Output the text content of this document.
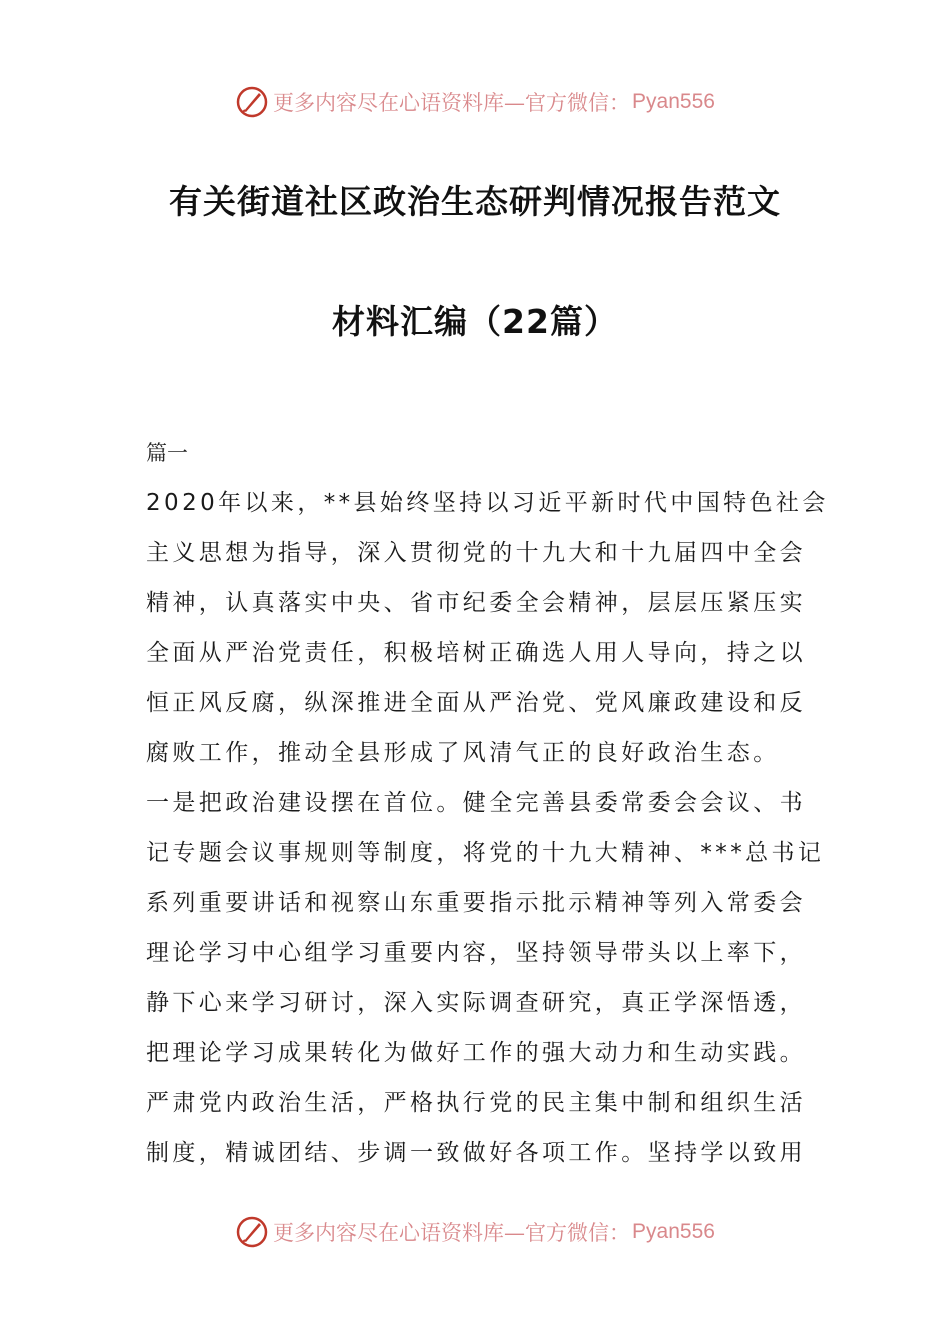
更多内容尽在心语资料库—官方微信： Pyan556
有关街道社区政治生态研判情况报告范文
材料汇编（22篇）
篇一
2020年以来，**县始终坚持以习近平新时代中国特色社会
主义思想为指导，深入贯彻党的十九大和十九届四中全会
精神，认真落实中央、省市纪委全会精神，层层压紧压实
全面从严治党责任，积极培树正确选人用人导向，持之以
恒正风反腐，纵深推进全面从严治党、党风廉政建设和反
腐败工作，推动全县形成了风清气正的良好政治生态。
一是把政治建设摆在首位。健全完善县委常委会会议、书
记专题会议事规则等制度，将党的十九大精神、***总书记
系列重要讲话和视察山东重要指示批示精神等列入常委会
理论学习中心组学习重要内容，坚持领导带头以上率下，
静下心来学习研讨，深入实际调查研究，真正学深悟透，
把理论学习成果转化为做好工作的强大动力和生动实践。
严肃党内政治生活，严格执行党的民主集中制和组织生活
制度，精诚团结、步调一致做好各项工作。坚持学以致用
更多内容尽在心语资料库—官方微信： Pyan556
